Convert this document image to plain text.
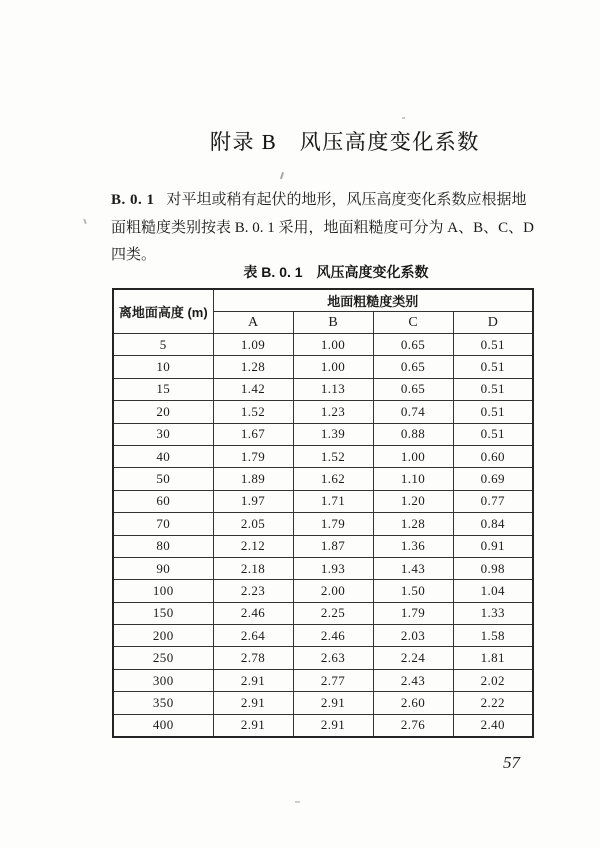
附录 B　风压高度变化系数
B. 0. 1 对平坦或稍有起伏的地形，风压高度变化系数应根据地
面粗糙度类别按表 B. 0. 1 采用，地面粗糙度可分为 A、B、C、D
四类。
表 B. 0. 1　风压高度变化系数
离地面高度 (m)	地面粗糙度类别			
	A	B	C	D
5	1.09	1.00	0.65	0.51
10	1.28	1.00	0.65	0.51
15	1.42	1.13	0.65	0.51
20	1.52	1.23	0.74	0.51
30	1.67	1.39	0.88	0.51
40	1.79	1.52	1.00	0.60
50	1.89	1.62	1.10	0.69
60	1.97	1.71	1.20	0.77
70	2.05	1.79	1.28	0.84
80	2.12	1.87	1.36	0.91
90	2.18	1.93	1.43	0.98
100	2.23	2.00	1.50	1.04
150	2.46	2.25	1.79	1.33
200	2.64	2.46	2.03	1.58
250	2.78	2.63	2.24	1.81
300	2.91	2.77	2.43	2.02
350	2.91	2.91	2.60	2.22
400	2.91	2.91	2.76	2.40
57
